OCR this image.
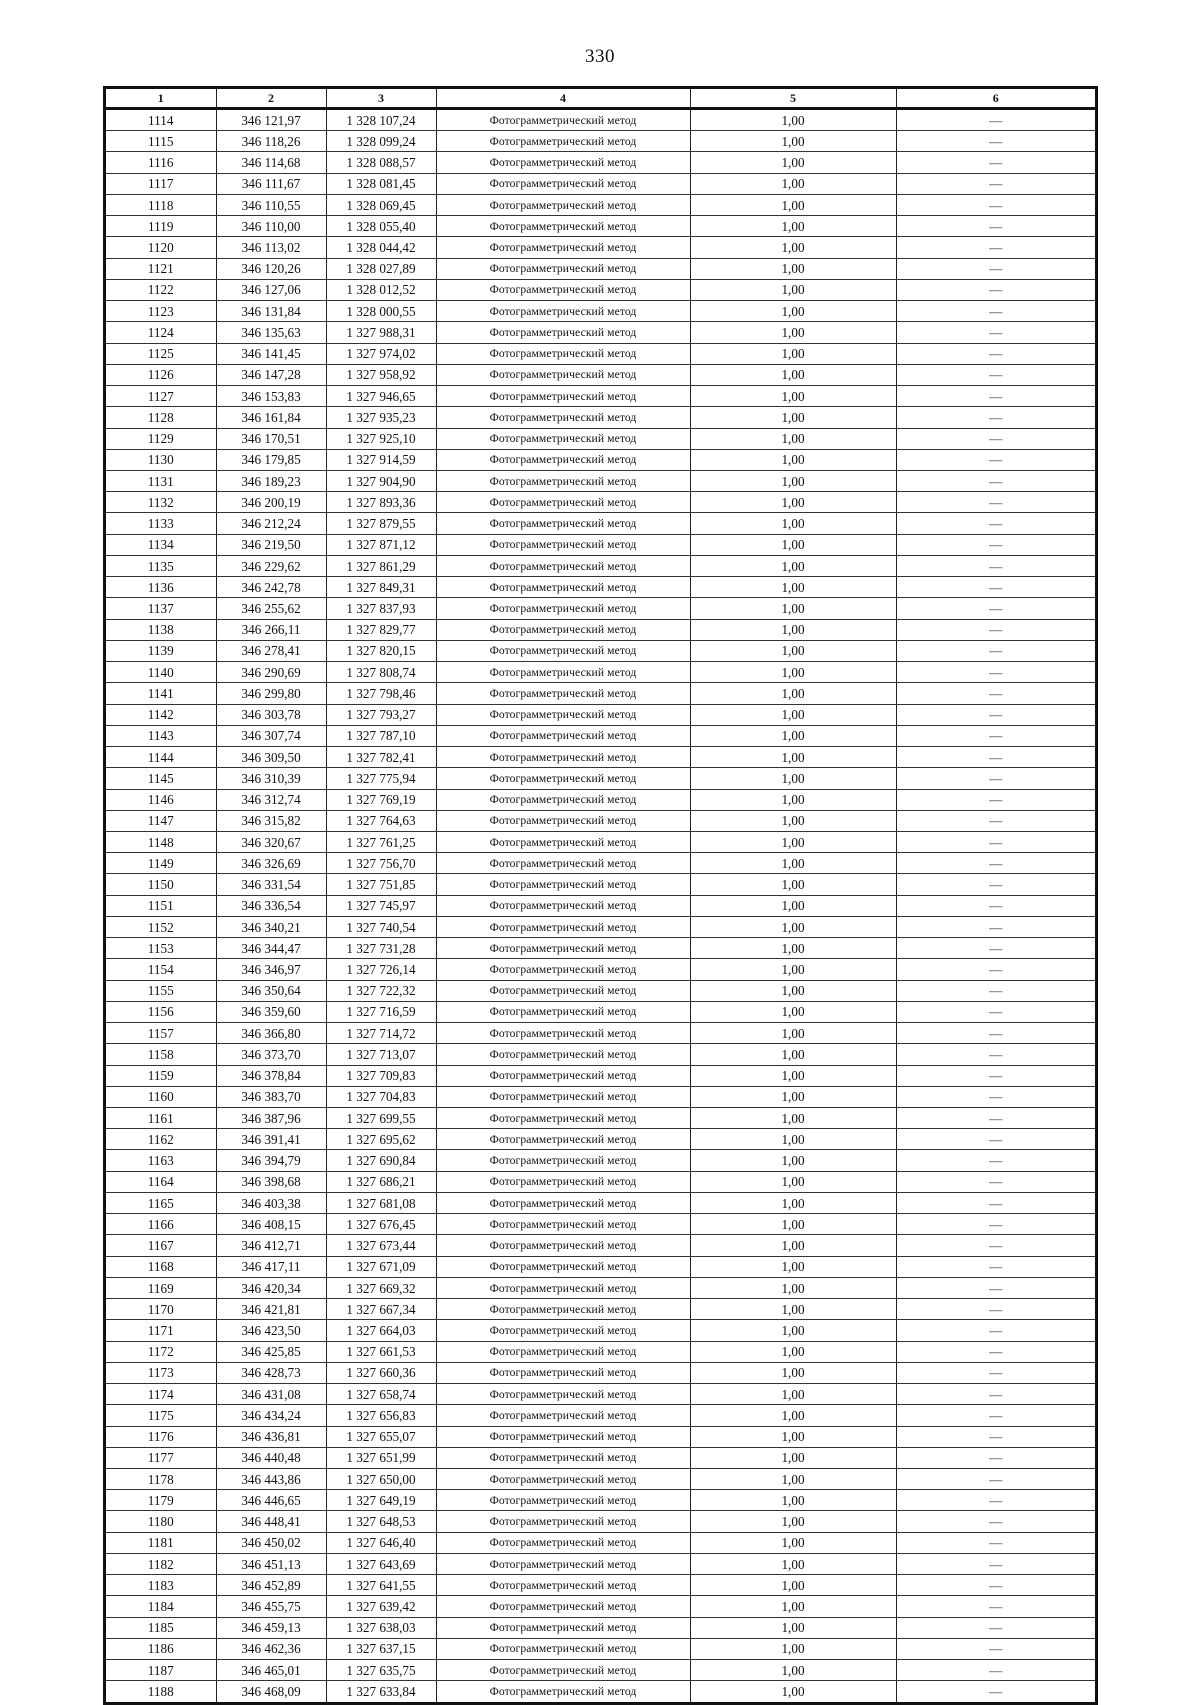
330
1	2	3	4	5	6
1114	346 121,97	1 328 107,24	Фотограмметрический метод	1,00	—
1115	346 118,26	1 328 099,24	Фотограмметрический метод	1,00	—
1116	346 114,68	1 328 088,57	Фотограмметрический метод	1,00	—
1117	346 111,67	1 328 081,45	Фотограмметрический метод	1,00	—
1118	346 110,55	1 328 069,45	Фотограмметрический метод	1,00	—
1119	346 110,00	1 328 055,40	Фотограмметрический метод	1,00	—
1120	346 113,02	1 328 044,42	Фотограмметрический метод	1,00	—
1121	346 120,26	1 328 027,89	Фотограмметрический метод	1,00	—
1122	346 127,06	1 328 012,52	Фотограмметрический метод	1,00	—
1123	346 131,84	1 328 000,55	Фотограмметрический метод	1,00	—
1124	346 135,63	1 327 988,31	Фотограмметрический метод	1,00	—
1125	346 141,45	1 327 974,02	Фотограмметрический метод	1,00	—
1126	346 147,28	1 327 958,92	Фотограмметрический метод	1,00	—
1127	346 153,83	1 327 946,65	Фотограмметрический метод	1,00	—
1128	346 161,84	1 327 935,23	Фотограмметрический метод	1,00	—
1129	346 170,51	1 327 925,10	Фотограмметрический метод	1,00	—
1130	346 179,85	1 327 914,59	Фотограмметрический метод	1,00	—
1131	346 189,23	1 327 904,90	Фотограмметрический метод	1,00	—
1132	346 200,19	1 327 893,36	Фотограмметрический метод	1,00	—
1133	346 212,24	1 327 879,55	Фотограмметрический метод	1,00	—
1134	346 219,50	1 327 871,12	Фотограмметрический метод	1,00	—
1135	346 229,62	1 327 861,29	Фотограмметрический метод	1,00	—
1136	346 242,78	1 327 849,31	Фотограмметрический метод	1,00	—
1137	346 255,62	1 327 837,93	Фотограмметрический метод	1,00	—
1138	346 266,11	1 327 829,77	Фотограмметрический метод	1,00	—
1139	346 278,41	1 327 820,15	Фотограмметрический метод	1,00	—
1140	346 290,69	1 327 808,74	Фотограмметрический метод	1,00	—
1141	346 299,80	1 327 798,46	Фотограмметрический метод	1,00	—
1142	346 303,78	1 327 793,27	Фотограмметрический метод	1,00	—
1143	346 307,74	1 327 787,10	Фотограмметрический метод	1,00	—
1144	346 309,50	1 327 782,41	Фотограмметрический метод	1,00	—
1145	346 310,39	1 327 775,94	Фотограмметрический метод	1,00	—
1146	346 312,74	1 327 769,19	Фотограмметрический метод	1,00	—
1147	346 315,82	1 327 764,63	Фотограмметрический метод	1,00	—
1148	346 320,67	1 327 761,25	Фотограмметрический метод	1,00	—
1149	346 326,69	1 327 756,70	Фотограмметрический метод	1,00	—
1150	346 331,54	1 327 751,85	Фотограмметрический метод	1,00	—
1151	346 336,54	1 327 745,97	Фотограмметрический метод	1,00	—
1152	346 340,21	1 327 740,54	Фотограмметрический метод	1,00	—
1153	346 344,47	1 327 731,28	Фотограмметрический метод	1,00	—
1154	346 346,97	1 327 726,14	Фотограмметрический метод	1,00	—
1155	346 350,64	1 327 722,32	Фотограмметрический метод	1,00	—
1156	346 359,60	1 327 716,59	Фотограмметрический метод	1,00	—
1157	346 366,80	1 327 714,72	Фотограмметрический метод	1,00	—
1158	346 373,70	1 327 713,07	Фотограмметрический метод	1,00	—
1159	346 378,84	1 327 709,83	Фотограмметрический метод	1,00	—
1160	346 383,70	1 327 704,83	Фотограмметрический метод	1,00	—
1161	346 387,96	1 327 699,55	Фотограмметрический метод	1,00	—
1162	346 391,41	1 327 695,62	Фотограмметрический метод	1,00	—
1163	346 394,79	1 327 690,84	Фотограмметрический метод	1,00	—
1164	346 398,68	1 327 686,21	Фотограмметрический метод	1,00	—
1165	346 403,38	1 327 681,08	Фотограмметрический метод	1,00	—
1166	346 408,15	1 327 676,45	Фотограмметрический метод	1,00	—
1167	346 412,71	1 327 673,44	Фотограмметрический метод	1,00	—
1168	346 417,11	1 327 671,09	Фотограмметрический метод	1,00	—
1169	346 420,34	1 327 669,32	Фотограмметрический метод	1,00	—
1170	346 421,81	1 327 667,34	Фотограмметрический метод	1,00	—
1171	346 423,50	1 327 664,03	Фотограмметрический метод	1,00	—
1172	346 425,85	1 327 661,53	Фотограмметрический метод	1,00	—
1173	346 428,73	1 327 660,36	Фотограмметрический метод	1,00	—
1174	346 431,08	1 327 658,74	Фотограмметрический метод	1,00	—
1175	346 434,24	1 327 656,83	Фотограмметрический метод	1,00	—
1176	346 436,81	1 327 655,07	Фотограмметрический метод	1,00	—
1177	346 440,48	1 327 651,99	Фотограмметрический метод	1,00	—
1178	346 443,86	1 327 650,00	Фотограмметрический метод	1,00	—
1179	346 446,65	1 327 649,19	Фотограмметрический метод	1,00	—
1180	346 448,41	1 327 648,53	Фотограмметрический метод	1,00	—
1181	346 450,02	1 327 646,40	Фотограмметрический метод	1,00	—
1182	346 451,13	1 327 643,69	Фотограмметрический метод	1,00	—
1183	346 452,89	1 327 641,55	Фотограмметрический метод	1,00	—
1184	346 455,75	1 327 639,42	Фотограмметрический метод	1,00	—
1185	346 459,13	1 327 638,03	Фотограмметрический метод	1,00	—
1186	346 462,36	1 327 637,15	Фотограмметрический метод	1,00	—
1187	346 465,01	1 327 635,75	Фотограмметрический метод	1,00	—
1188	346 468,09	1 327 633,84	Фотограмметрический метод	1,00	—
